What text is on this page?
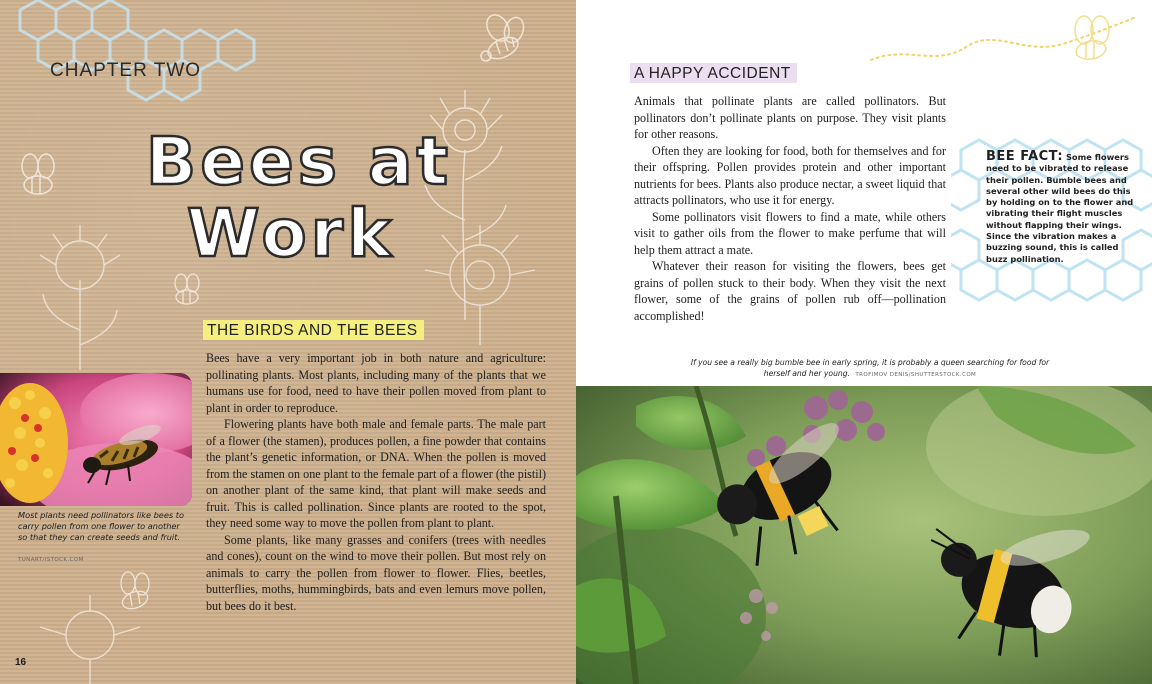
CHAPTER TWO
Bees at
Work
THE BIRDS AND THE BEES
Most plants need pollinators like bees to carry pollen from one flower to another so that they can create seeds and fruit.
TUNART/ISTOCK.COM

Bees have a very important job in both nature and agriculture: pollinating plants. Most plants, including many of the plants that we humans use for food, need to have their pollen moved from plant to plant in order to reproduce.

Flowering plants have both male and female parts. The male part of a flower (the stamen), produces pollen, a fine powder that contains the plant’s genetic information, or DNA. When the pollen is moved from the stamen on one plant to the female part of a flower (the pistil) on another plant of the same kind, that plant will make seeds and fruit. This is called pollination. Since plants are rooted to the spot, they need some way to move the pollen from plant to plant.

Some plants, like many grasses and conifers (trees with needles and cones), count on the wind to move their pollen. But most rely on animals to carry the pollen from flower to flower. Flies, beetles, butterflies, moths, hummingbirds, bats and even lemurs move pollen, but bees do it best.

16
A HAPPY ACCIDENT

Animals that pollinate plants are called pollinators. But pollinators don’t pollinate plants on purpose. They visit plants for other reasons.

Often they are looking for food, both for themselves and for their offspring. Pollen provides protein and other important nutrients for bees. Plants also produce nectar, a sweet liquid that attracts pollinators, who use it for energy.

Some pollinators visit flowers to find a mate, while others visit to gather oils from the flower to make perfume that will help them attract a mate.

Whatever their reason for visiting the flowers, bees get grains of pollen stuck to their body. When they visit the next flower, some of the grains of pollen rub off—pollination accomplished!

BEE FACT: Some flowers need to be vibrated to release their pollen. Bumble bees and several other wild bees do this by holding on to the flower and vibrating their flight muscles without flapping their wings. Since the vibration makes a buzzing sound, this is called buzz pollination.
If you see a really big bumble bee in early spring, it is probably a queen searching for food for herself and her young. TROFIMOV DENIS/SHUTTERSTOCK.COM
